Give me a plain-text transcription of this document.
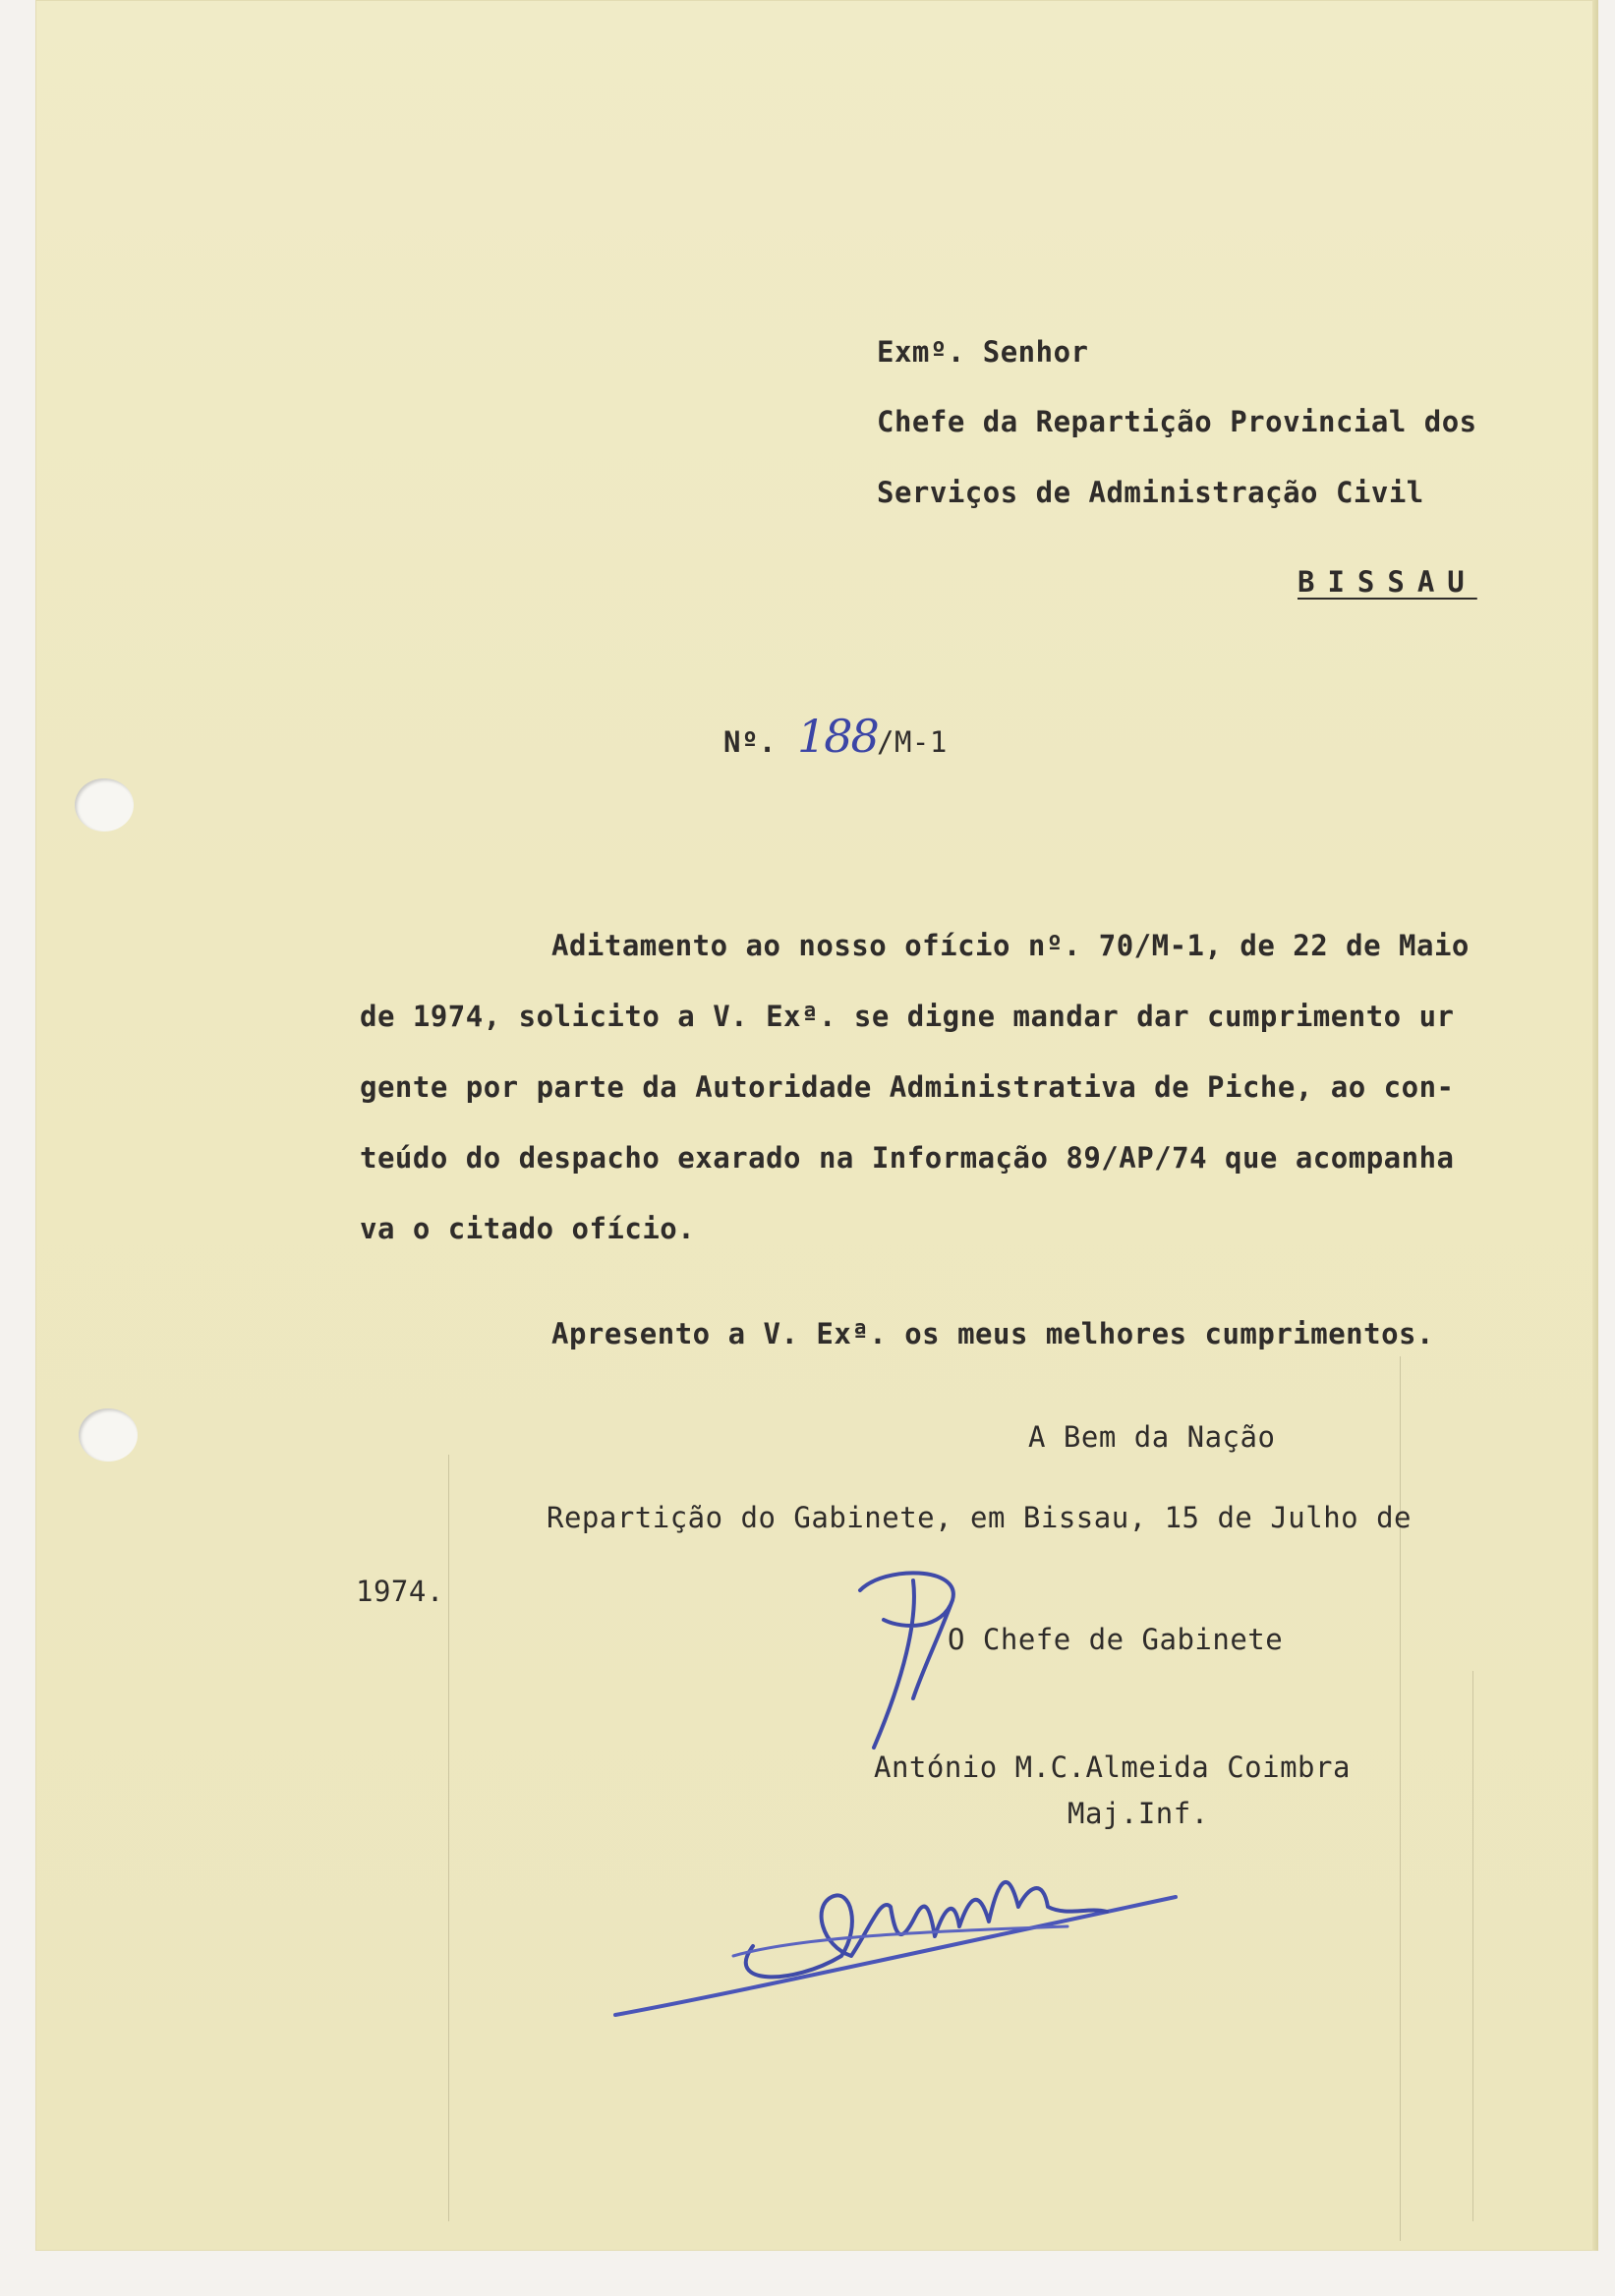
Exmº. Senhor

Chefe da Repartição Provincial dos

Serviços de Administração Civil

BISSAU

Nº. 188 /M-1

Aditamento ao nosso ofício nº. 70/M-1, de 22 de Maio

de 1974, solicito a V. Exª. se digne mandar dar cumprimento ur

gente por parte da Autoridade Administrativa de Piche, ao con-

teúdo do despacho exarado na Informação 89/AP/74 que acompanha

va o citado ofício.

Apresento a V. Exª. os meus melhores cumprimentos.

A Bem da Nação

Repartição do Gabinete, em Bissau, 15 de Julho de

1974.

O Chefe de Gabinete

António M.C.Almeida Coimbra

Maj.Inf.
